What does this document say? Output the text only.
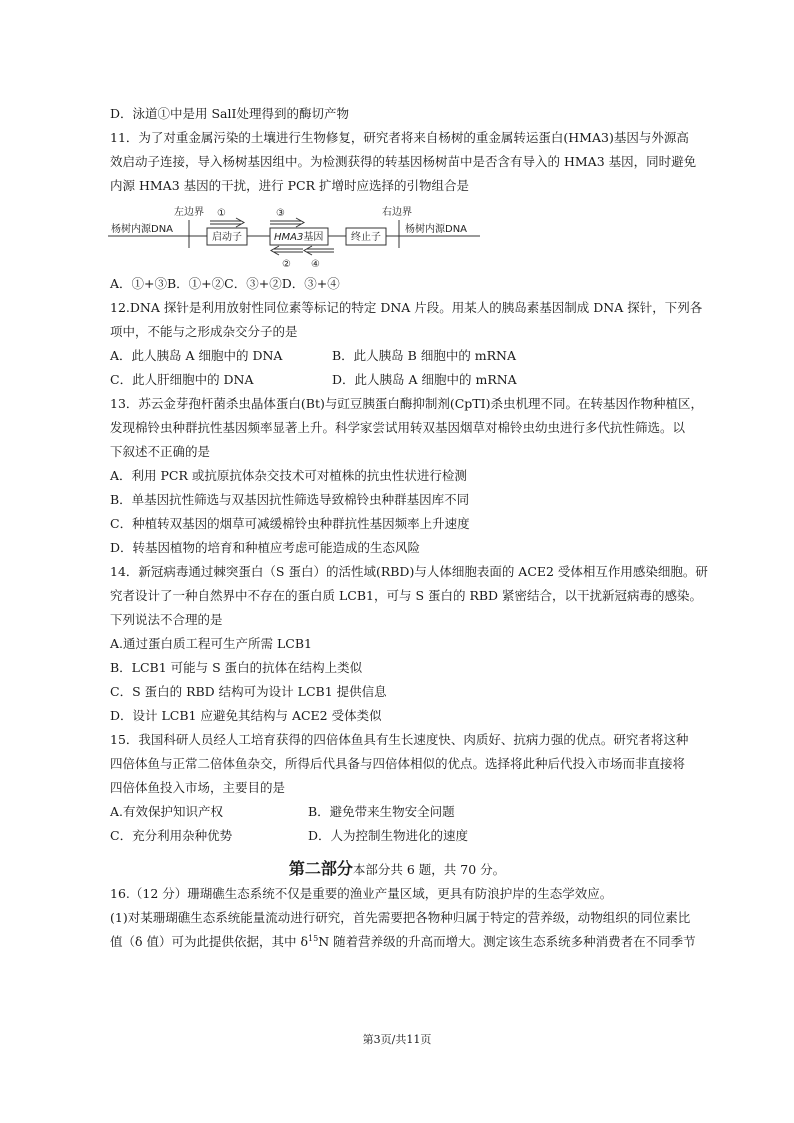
D．泳道①中是用 SalⅠ处理得到的酶切产物
11．为了对重金属污染的土壤进行生物修复，研究者将来自杨树的重金属转运蛋白(HMA3)基因与外源高
效启动子连接，导入杨树基因组中。为检测获得的转基因杨树苗中是否含有导入的 HMA3 基因，同时避免
内源 HMA3 基因的干扰，进行 PCR 扩增时应选择的引物组合是
左边界	右边界
杨树内源DNA	杨树内源DNA
启动子	HMA3基因	终止子
①	③
② ④
A．①+③B．①+②C．③+②D．③+④
12.DNA 探针是利用放射性同位素等标记的特定 DNA 片段。用某人的胰岛素基因制成 DNA 探针，下列各
项中，不能与之形成杂交分子的是
A．此人胰岛 A 细胞中的 DNA	B．此人胰岛 B 细胞中的 mRNA
C．此人肝细胞中的 DNA	D．此人胰岛 A 细胞中的 mRNA
13．苏云金芽孢杆菌杀虫晶体蛋白(Bt)与豇豆胰蛋白酶抑制剂(CpTⅠ)杀虫机理不同。在转基因作物种植区，
发现棉铃虫种群抗性基因频率显著上升。科学家尝试用转双基因烟草对棉铃虫幼虫进行多代抗性筛选。以
下叙述不正确的是
A．利用 PCR 或抗原抗体杂交技术可对植株的抗虫性状进行检测
B．单基因抗性筛选与双基因抗性筛选导致棉铃虫种群基因库不同
C．种植转双基因的烟草可减缓棉铃虫种群抗性基因频率上升速度
D．转基因植物的培育和种植应考虑可能造成的生态风险
14．新冠病毒通过棘突蛋白（S 蛋白）的活性域(RBD)与人体细胞表面的 ACE2 受体相互作用感染细胞。研
究者设计了一种自然界中不存在的蛋白质 LCB1，可与 S 蛋白的 RBD 紧密结合，以干扰新冠病毒的感染。
下列说法不合理的是
A.通过蛋白质工程可生产所需 LCB1
B．LCB1 可能与 S 蛋白的抗体在结构上类似
C．S 蛋白的 RBD 结构可为设计 LCB1 提供信息
D．设计 LCB1 应避免其结构与 ACE2 受体类似
15．我国科研人员经人工培育获得的四倍体鱼具有生长速度快、肉质好、抗病力强的优点。研究者将这种
四倍体鱼与正常二倍体鱼杂交，所得后代具备与四倍体相似的优点。选择将此种后代投入市场而非直接将
四倍体鱼投入市场，主要目的是
A.有效保护知识产权	B．避免带来生物安全问题
C．充分利用杂种优势	D．人为控制生物进化的速度
第二部分本部分共 6 题，共 70 分。
16.（12 分）珊瑚礁生态系统不仅是重要的渔业产量区域，更具有防浪护岸的生态学效应。
(1)对某珊瑚礁生态系统能量流动进行研究，首先需要把各物种归属于特定的营养级，动物组织的同位素比
值（δ 值）可为此提供依据，其中 $\delta^{15}N$ 随着营养级的升高而增大。测定该生态系统多种消费者在不同季节
第3页/共11页
